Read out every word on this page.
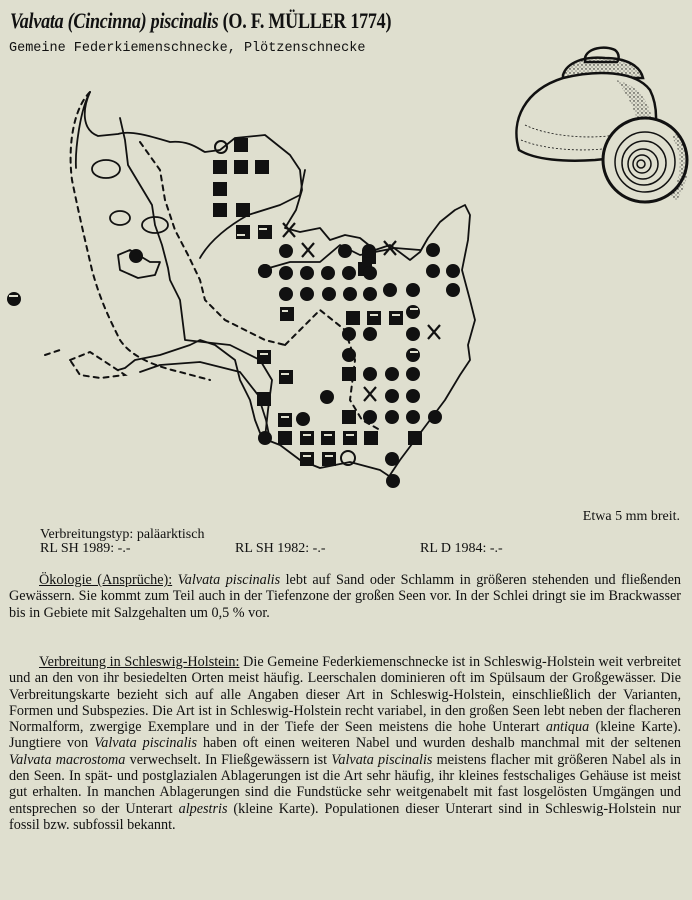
Valvata (Cincinna) piscinalis (O. F. MÜLLER 1774)
Gemeine Federkiemenschnecke, Plötzenschnecke
Etwa 5 mm breit.
Verbreitungstyp: paläarktisch
RL SH 1989: -.-	RL SH 1982: -.-	RL D 1984: -.-
Ökologie (Ansprüche): Valvata piscinalis lebt auf Sand oder Schlamm in größeren stehenden und fließenden Gewässern. Sie kommt zum Teil auch in der Tiefenzone der großen Seen vor. In der Schlei dringt sie im Brackwasser bis in Gebiete mit Salzgehalten um 0,5 % vor.
Verbreitung in Schleswig-Holstein: Die Gemeine Federkiemenschnecke ist in Schleswig-Holstein weit verbreitet und an den von ihr besiedelten Orten meist häufig. Leerschalen dominieren oft im Spülsaum der Großgewässer. Die Verbreitungskarte bezieht sich auf alle Angaben dieser Art in Schleswig-Holstein, einschließlich der Varianten, Formen und Subspezies. Die Art ist in Schleswig-Holstein recht variabel, in den großen Seen lebt neben der flacheren Normalform, zwergige Exemplare und in der Tiefe der Seen meistens die hohe Unterart antiqua (kleine Karte). Jungtiere von Valvata piscinalis haben oft einen weiteren Nabel und wurden deshalb manchmal mit der seltenen Valvata macrostoma verwechselt. In Fließgewässern ist Valvata piscinalis meistens flacher mit größeren Nabel als in den Seen. In spät- und postglazialen Ablagerungen ist die Art sehr häufig, ihr kleines festschaliges Gehäuse ist meist gut erhalten. In manchen Ablagerungen sind die Fundstücke sehr weitgenabelt mit fast losgelösten Umgängen und entsprechen so der Unterart alpestris (kleine Karte). Populationen dieser Unterart sind in Schleswig-Holstein nur fossil bzw. subfossil bekannt.
